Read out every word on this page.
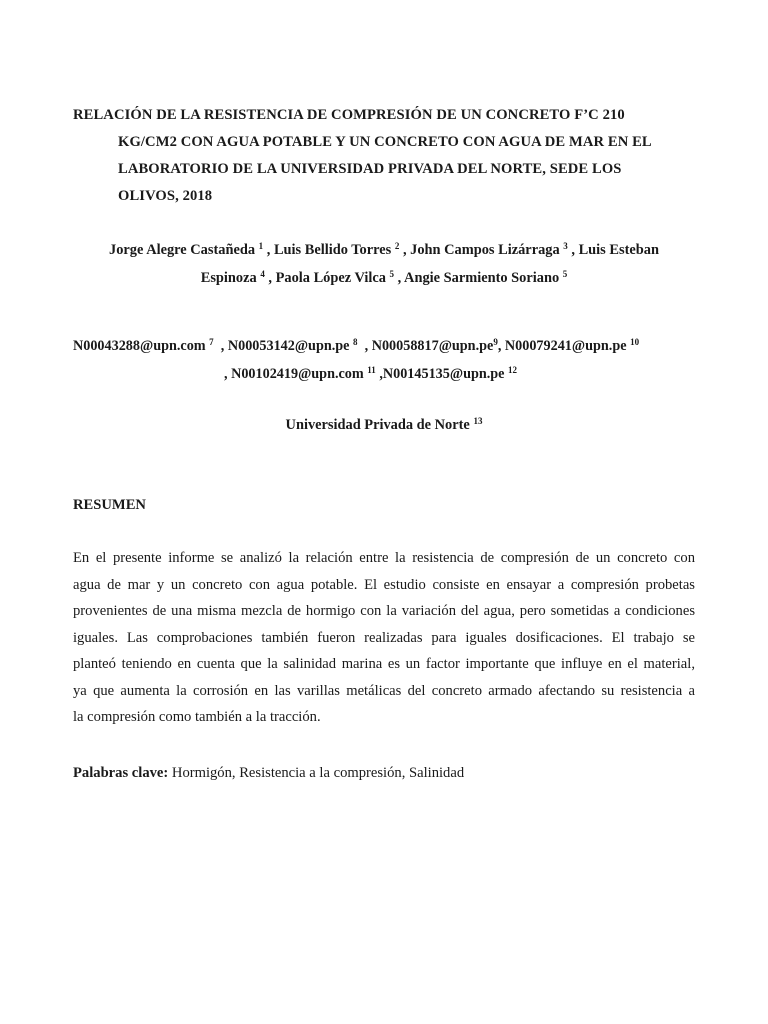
RELACIÓN DE LA RESISTENCIA DE COMPRESIÓN DE UN CONCRETO F’C 210
KG/CM2 CON AGUA POTABLE Y UN CONCRETO CON AGUA DE MAR EN EL
LABORATORIO DE LA UNIVERSIDAD PRIVADA DEL NORTE, SEDE LOS
OLIVOS, 2018
Jorge Alegre Castañeda $^1$ , Luis Bellido Torres $^2$ , John Campos Lizárraga $^3$ , Luis Esteban
Espinoza $^4$ , Paola López Vilca $^5$ , Angie Sarmiento Soriano $^5$
N00043288@upn.com $^7$  , N00053142@upn.pe $^8$  , $N00058817@upn.pe^9$, N00079241@upn.pe $^{10}$
, N00102419@upn.com $^{11}$ ,N00145135@upn.pe $^{12}$
Universidad Privada de Norte $^{13}$
RESUMEN
En el presente informe se analizó la relación entre la resistencia de compresión de un concreto con
agua de mar y un concreto con agua potable. El estudio consiste en ensayar a compresión probetas
provenientes de una misma mezcla de hormigo con la variación del agua, pero sometidas a condiciones
iguales. Las comprobaciones también fueron realizadas para iguales dosificaciones. El trabajo se
planteó teniendo en cuenta que la salinidad marina es un factor importante que influye en el material,
ya que aumenta la corrosión en las varillas metálicas del concreto armado afectando su resistencia a
la compresión como también a la tracción.
Palabras clave: Hormigón, Resistencia a la compresión, Salinidad
